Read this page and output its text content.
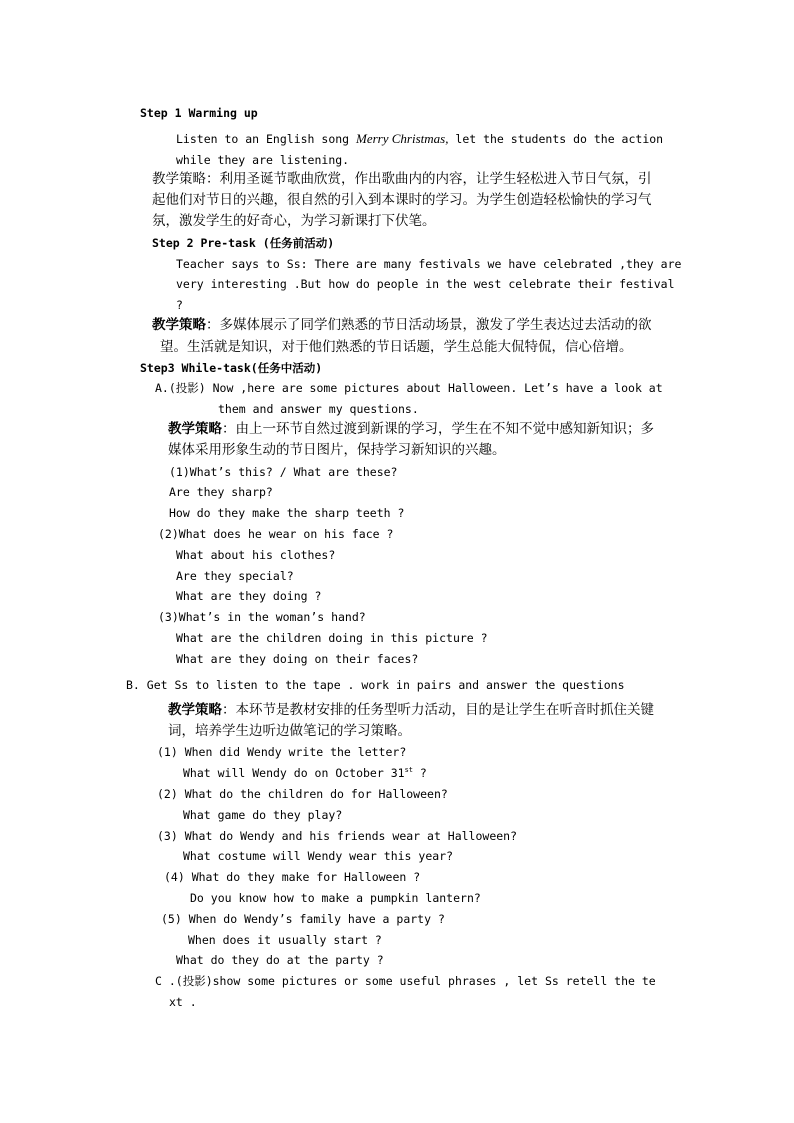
Step 1 Warming up
Listen to an English song Merry Christmas, let the students do the action
while they are listening.
教学策略：利用圣诞节歌曲欣赏，作出歌曲内的内容，让学生轻松进入节日气氛，引
起他们对节日的兴趣，很自然的引入到本课时的学习。为学生创造轻松愉快的学习气
氛，激发学生的好奇心，为学习新课打下伏笔。
Step 2 Pre-task (任务前活动)
Teacher says to Ss: There are many festivals we have celebrated ,they are
very interesting .But how do people in the west celebrate their festival
?
教学策略：多媒体展示了同学们熟悉的节日活动场景，激发了学生表达过去活动的欲
望。生活就是知识，对于他们熟悉的节日话题，学生总能大侃特侃，信心倍增。
Step3 While-task(任务中活动)
A.(投影) Now ,here are some pictures about Halloween. Let’s have a look at
them and answer my questions.
教学策略：由上一环节自然过渡到新课的学习，学生在不知不觉中感知新知识；多
媒体采用形象生动的节日图片，保持学习新知识的兴趣。
(1)What’s this? / What are these?
Are they sharp?
How do they make the sharp teeth ?
(2)What does he wear on his face ?
What about his clothes?
Are they special?
What are they doing ?
(3)What’s in the woman’s hand?
What are the children doing in this picture ?
What are they doing on their faces?
B. Get Ss to listen to the tape . work in pairs and answer the questions
教学策略：本环节是教材安排的任务型听力活动，目的是让学生在听音时抓住关键
词，培养学生边听边做笔记的学习策略。
(1) When did Wendy write the letter?
What will Wendy do on October 31st ?
(2) What do the children do for Halloween?
What game do they play?
(3) What do Wendy and his friends wear at Halloween?
What costume will Wendy wear this year?
(4) What do they make for Halloween ?
Do you know how to make a pumpkin lantern?
(5) When do Wendy’s family have a party ?
When does it usually start ?
What do they do at the party ?
C .(投影)show some pictures or some useful phrases , let Ss retell the te
xt .
